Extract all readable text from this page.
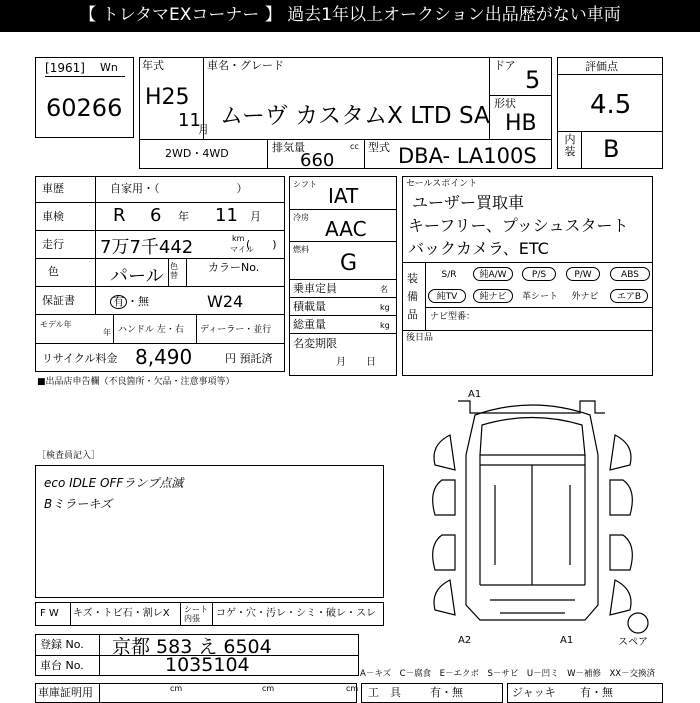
【 トレタマEXコーナー 】 過去1年以上オークション出品歴がない車両
[1961] Wn
60266
年式
H25
11
月
車名・グレード
ムーヴ カスタムX LTD SA
ドア
5
形状
HB
2WD・4WD	排気量	cc
660
型式 DBA- LA100S
評価点
4.5
内装 B
車歴	自家用・（　　　　　　　）
車検	R 6 年 11 月
走行 7万7千442	km
マイル
(　　)
色	パール 色替
カラーNo.
保証書	有 ・無	W24
モデル年
年 ハンドル 左・右 ディーラー・並行
リサイクル料金 8,490	円 預託済
シフト IAT
冷房 AAC
燃料
G
乗車定員	名
積載量	kg
総重量	kg
名変期限
月　　日
セールスポイント
ユーザー買取車
キーフリー、プッシュスタート
バックカメラ、ETC
装備品
S/R	純A/W	P/S	P/W	ABS
純TV	純ナビ	革シート	外ナビ	エアB
ナビ型番：
後日品
■出品店申告欄（不良箇所・欠品・注意事項等）
［検査員記入］
eco IDLE OFFランプ点滅
Bミラーキズ
A1
A2	A1	スペア
F W キズ・トビ石・割レX シート 内張	コゲ・穴・汚レ・シミ・破レ・スレ
登録 No. 京都 583 え 6504
車台 No.	1035104	A－キズ　C－腐食　E－エクボ　S－サビ　U－凹ミ　W－補修　XX－交換済
車庫証明用	cm	cm	cm 工　具	有・無	ジャッキ 有・無
